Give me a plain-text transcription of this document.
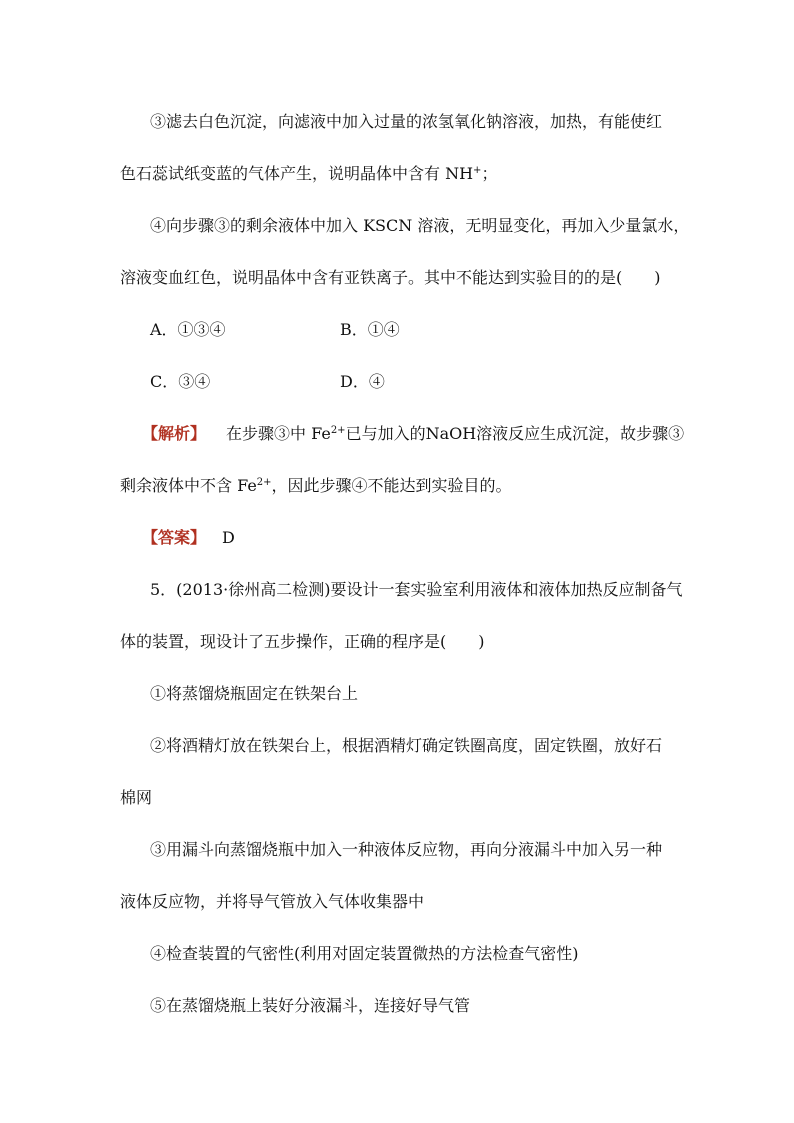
③滤去白色沉淀，向滤液中加入过量的浓氢氧化钠溶液，加热，有能使红
色石蕊试纸变蓝的气体产生，说明晶体中含有 NH+；
④向步骤③的剩余液体中加入 KSCN 溶液，无明显变化，再加入少量氯水，
溶液变血红色，说明晶体中含有亚铁离子。其中不能达到实验目的的是(　　)
A．①③④	B．①④
C．③④	D．④
【解析】 在步骤③中 $Fe^{2+}$已与加入的NaOH溶液反应生成沉淀，故步骤③
剩余液体中不含 $Fe^{2+}$，因此步骤④不能达到实验目的。
【答案】 D
5．(2013·徐州高二检测)要设计一套实验室利用液体和液体加热反应制备气
体的装置，现设计了五步操作，正确的程序是(　　)
①将蒸馏烧瓶固定在铁架台上
②将酒精灯放在铁架台上，根据酒精灯确定铁圈高度，固定铁圈，放好石
棉网
③用漏斗向蒸馏烧瓶中加入一种液体反应物，再向分液漏斗中加入另一种
液体反应物，并将导气管放入气体收集器中
④检查装置的气密性(利用对固定装置微热的方法检查气密性)
⑤在蒸馏烧瓶上装好分液漏斗，连接好导气管
